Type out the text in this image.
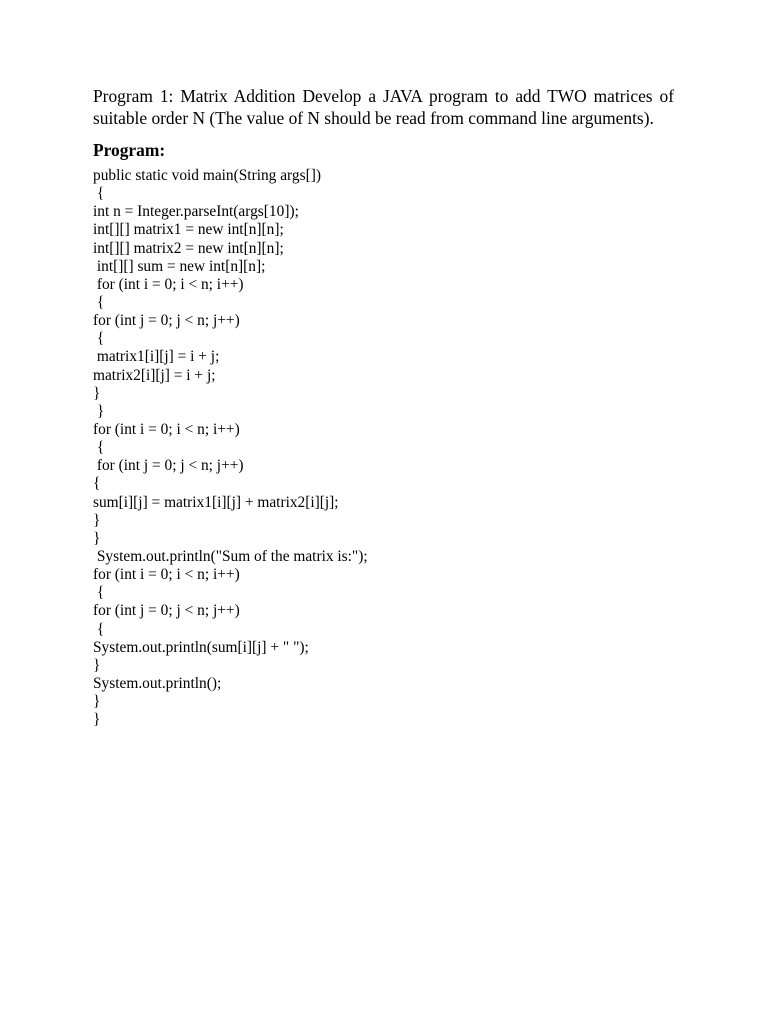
Program 1: Matrix Addition Develop a JAVA program to add TWO matrices of suitable order N (The value of N should be read from command line arguments).

Program:
public static void main(String args[])
{
int n = Integer.parseInt(args[10]);
int[][] matrix1 = new int[n][n];
int[][] matrix2 = new int[n][n];
int[][] sum = new int[n][n];
for (int i = 0; i < n; i++)
{
for (int j = 0; j < n; j++)
{
matrix1[i][j] = i + j;
matrix2[i][j] = i + j;
}
}
for (int i = 0; i < n; i++)
{
for (int j = 0; j < n; j++)
{
sum[i][j] = matrix1[i][j] + matrix2[i][j];
}
}
System.out.println("Sum of the matrix is:");
for (int i = 0; i < n; i++)
{
for (int j = 0; j < n; j++)
{
System.out.println(sum[i][j] + " ");
}
System.out.println();
}
}
